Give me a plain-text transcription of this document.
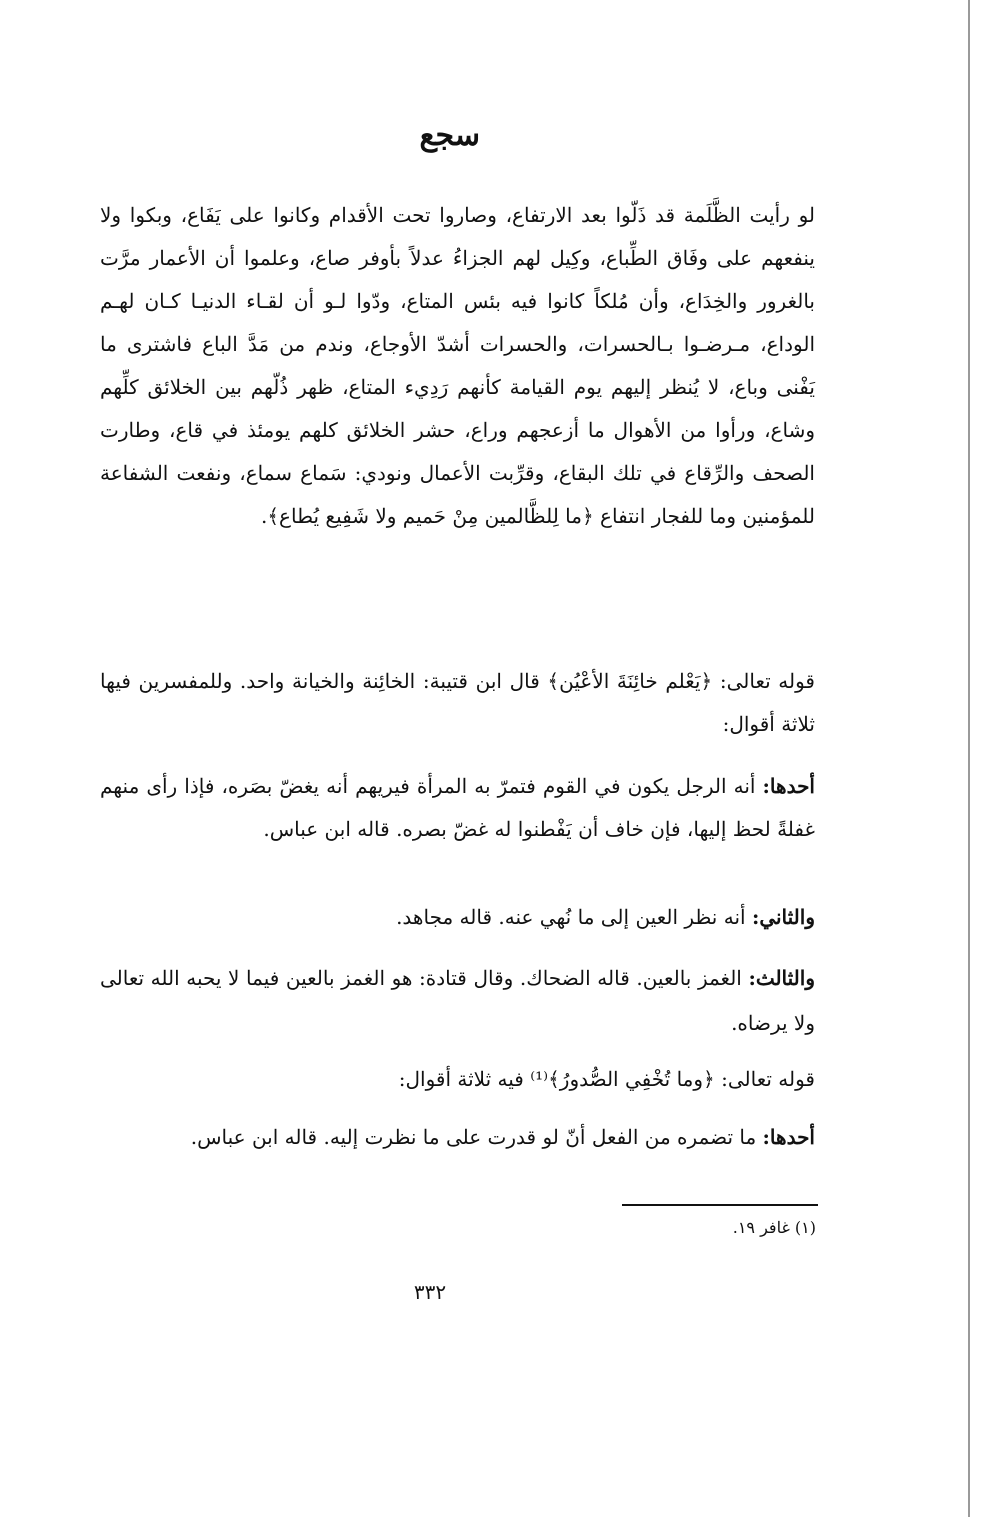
سجع

لو رأيت الظَّلَمة قد ذَلّوا بعد الارتفاع، وصاروا تحت الأقدام وكانوا على يَفَاع، وبكوا ولا ينفعهم على وفَاق الطِّباع، وكِيل لهم الجزاءُ عدلاً بأوفر صاع، وعلموا أن الأعمار مرَّت بالغرور والخِدَاع، وأن مُلكاً كانوا فيه بئس المتاع، ودّوا لـو أن لقـاء الدنيـا كـان لهـم الوداع، مـرضـوا بـالحسرات، والحسرات أشدّ الأوجاع، وندم من مَدَّ الباع فاشترى ما يَفْنى وباع، لا يُنظر إليهم يوم القيامة كأنهم رَدِيء المتاع، ظهر ذُلّهم بين الخلائق كلِّهم وشاع، ورأوا من الأهوال ما أزعجهم وراع، حشر الخلائق كلهم يومئذ في قاع، وطارت الصحف والرِّقاع في تلك البقاع، وقرِّبت الأعمال ونودي: سَماع سماع، ونفعت الشفاعة للمؤمنين وما للفجار انتفاع ﴿ما لِلظَّالمين مِنْ حَميم ولا شَفِيع يُطاع﴾.

قوله تعالى: ﴿يَعْلم خائِنَةَ الأعْيُن﴾ قال ابن قتيبة: الخائِنة والخيانة واحد. وللمفسرين فيها ثلاثة أقوال:

أحدها: أنه الرجل يكون في القوم فتمرّ به المرأة فيريهم أنه يغضّ بصَره، فإذا رأى منهم غفلةً لحظ إليها، فإن خاف أن يَفْطنوا له غضّ بصره. قاله ابن عباس.

والثاني: أنه نظر العين إلى ما نُهي عنه. قاله مجاهد.

والثالث: الغمز بالعين. قاله الضحاك. وقال قتادة: هو الغمز بالعين فيما لا يحبه الله تعالى ولا يرضاه.

قوله تعالى: ﴿وما تُخْفِي الصُّدورُ﴾⁽¹⁾ فيه ثلاثة أقوال:

أحدها: ما تضمره من الفعل أنّ لو قدرت على ما نظرت إليه. قاله ابن عباس.

(١) غافر ١٩.

٣٣٢
